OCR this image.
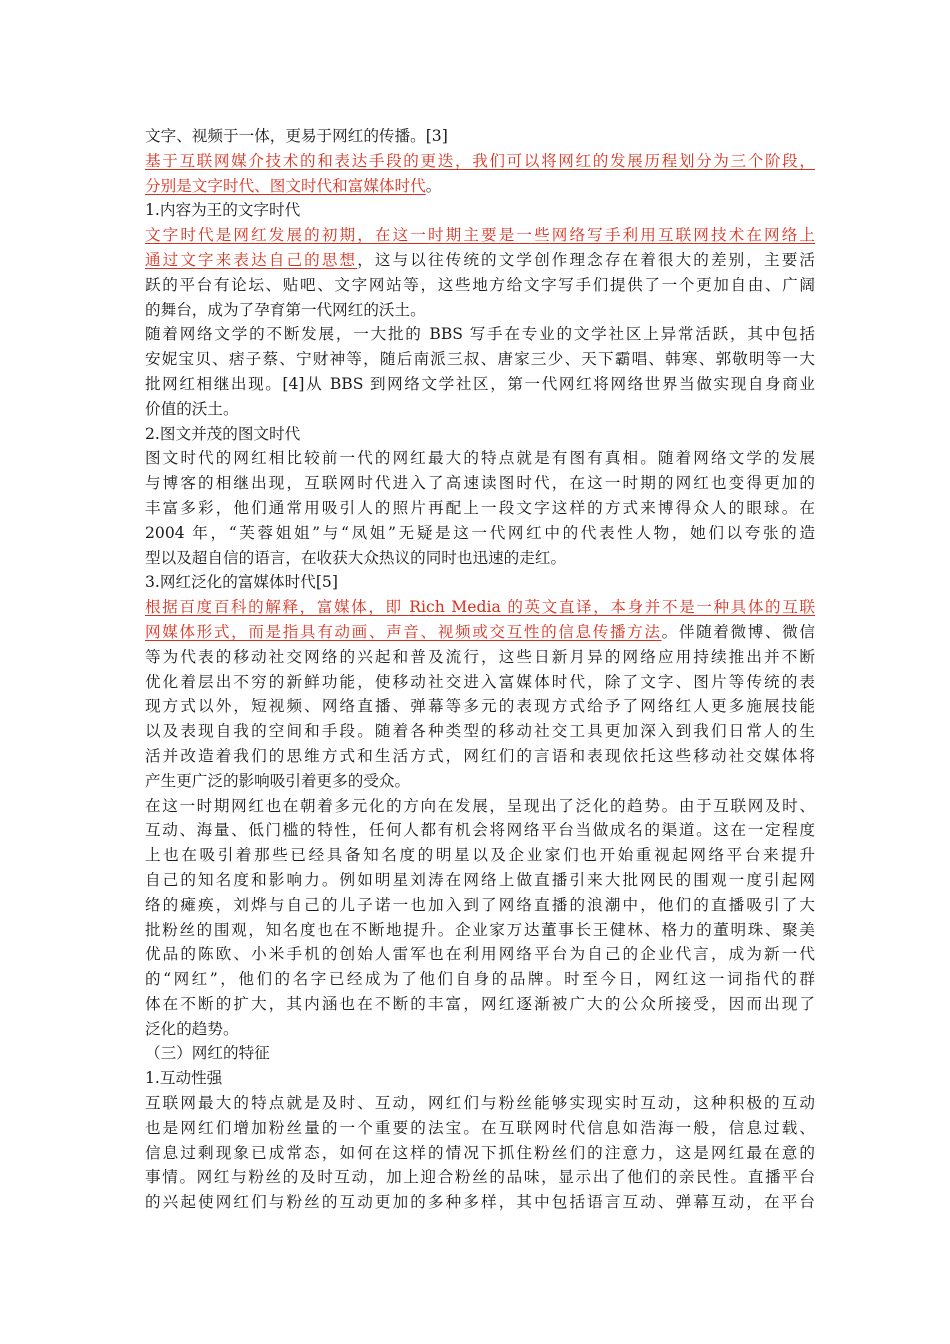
文字、视频于一体，更易于网红的传播。[3]
基于互联网媒介技术的和表达手段的更迭，我们可以将网红的发展历程划分为三个阶段，
分别是文字时代、图文时代和富媒体时代。
1.内容为王的文字时代
文字时代是网红发展的初期，在这一时期主要是一些网络写手利用互联网技术在网络上
通过文字来表达自己的思想，这与以往传统的文学创作理念存在着很大的差别，主要活
跃的平台有论坛、贴吧、文字网站等，这些地方给文字写手们提供了一个更加自由、广阔
的舞台，成为了孕育第一代网红的沃土。
随着网络文学的不断发展，一大批的 BBS 写手在专业的文学社区上异常活跃，其中包括
安妮宝贝、痞子蔡、宁财神等，随后南派三叔、唐家三少、天下霸唱、韩寒、郭敬明等一大
批网红相继出现。[4]从 BBS 到网络文学社区，第一代网红将网络世界当做实现自身商业
价值的沃土。
2.图文并茂的图文时代
图文时代的网红相比较前一代的网红最大的特点就是有图有真相。随着网络文学的发展
与博客的相继出现，互联网时代进入了高速读图时代，在这一时期的网红也变得更加的
丰富多彩，他们通常用吸引人的照片再配上一段文字这样的方式来博得众人的眼球。在
2004 年，“芙蓉姐姐”与“凤姐”无疑是这一代网红中的代表性人物，她们以夸张的造
型以及超自信的语言，在收获大众热议的同时也迅速的走红。
3.网红泛化的富媒体时代[5]
根据百度百科的解释，富媒体，即 Rich Media 的英文直译，本身并不是一种具体的互联
网媒体形式，而是指具有动画、声音、视频或交互性的信息传播方法。伴随着微博、微信
等为代表的移动社交网络的兴起和普及流行，这些日新月异的网络应用持续推出并不断
优化着层出不穷的新鲜功能，使移动社交进入富媒体时代，除了文字、图片等传统的表
现方式以外，短视频、网络直播、弹幕等多元的表现方式给予了网络红人更多施展技能
以及表现自我的空间和手段。随着各种类型的移动社交工具更加深入到我们日常人的生
活并改造着我们的思维方式和生活方式，网红们的言语和表现依托这些移动社交媒体将
产生更广泛的影响吸引着更多的受众。
在这一时期网红也在朝着多元化的方向在发展，呈现出了泛化的趋势。由于互联网及时、
互动、海量、低门槛的特性，任何人都有机会将网络平台当做成名的渠道。这在一定程度
上也在吸引着那些已经具备知名度的明星以及企业家们也开始重视起网络平台来提升
自己的知名度和影响力。例如明星刘涛在网络上做直播引来大批网民的围观一度引起网
络的瘫痪，刘烨与自己的儿子诺一也加入到了网络直播的浪潮中，他们的直播吸引了大
批粉丝的围观，知名度也在不断地提升。企业家万达董事长王健林、格力的董明珠、聚美
优品的陈欧、小米手机的创始人雷军也在利用网络平台为自己的企业代言，成为新一代
的“网红”，他们的名字已经成为了他们自身的品牌。时至今日，网红这一词指代的群
体在不断的扩大，其内涵也在不断的丰富，网红逐渐被广大的公众所接受，因而出现了
泛化的趋势。
（三）网红的特征
1.互动性强
互联网最大的特点就是及时、互动，网红们与粉丝能够实现实时互动，这种积极的互动
也是网红们增加粉丝量的一个重要的法宝。在互联网时代信息如浩海一般，信息过载、
信息过剩现象已成常态，如何在这样的情况下抓住粉丝们的注意力，这是网红最在意的
事情。网红与粉丝的及时互动，加上迎合粉丝的品味，显示出了他们的亲民性。直播平台
的兴起使网红们与粉丝的互动更加的多种多样，其中包括语言互动、弹幕互动，在平台
